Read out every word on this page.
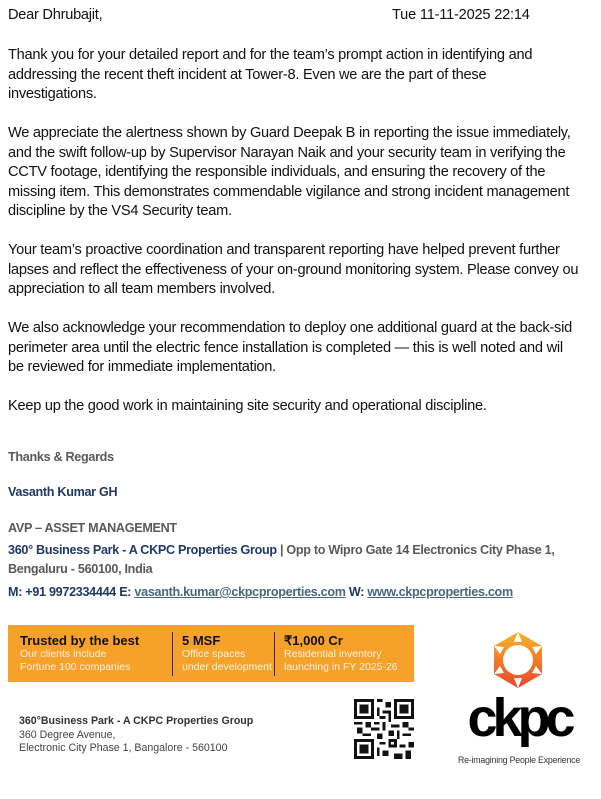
Dear Dhrubajit,	Tue 11-11-2025 22:14
Thank you for your detailed report and for the team’s prompt action in identifying and
addressing the recent theft incident at Tower-8. Even we are the part of these
investigations.
We appreciate the alertness shown by Guard Deepak B in reporting the issue immediately,
and the swift follow-up by Supervisor Narayan Naik and your security team in verifying the
CCTV footage, identifying the responsible individuals, and ensuring the recovery of the
missing item. This demonstrates commendable vigilance and strong incident management
discipline by the VS4 Security team.
Your team’s proactive coordination and transparent reporting have helped prevent further
lapses and reflect the effectiveness of your on-ground monitoring system. Please convey ou
appreciation to all team members involved.
We also acknowledge your recommendation to deploy one additional guard at the back-sid
perimeter area until the electric fence installation is completed — this is well noted and wil
be reviewed for immediate implementation.
Keep up the good work in maintaining site security and operational discipline.
Thanks & Regards
Vasanth Kumar GH
AVP – ASSET MANAGEMENT
360° Business Park - A CKPC Properties Group | Opp to Wipro Gate 14 Electronics City Phase 1,
Bengaluru - 560100, India
M: +91 9972334444 E: vasanth.kumar@ckpcproperties.com W: www.ckpcproperties.com
Trusted by the best
Our clients include
Fortune 100 companies
5 MSF
Office spaces
under development
₹1,000 Cr
Residential inventory
launching in FY 2025-26
360°Business Park - A CKPC Properties Group
360 Degree Avenue,
Electronic City Phase 1, Bangalore - 560100	ckpc
Re-imagining People Experience
